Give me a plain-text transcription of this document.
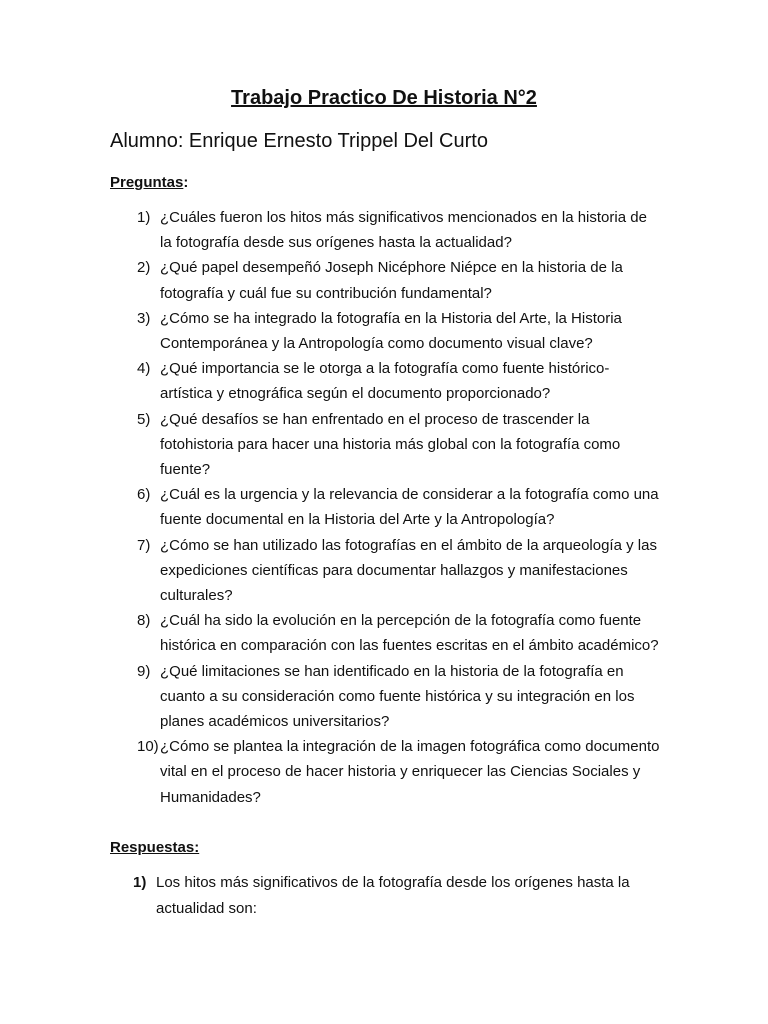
Trabajo Practico De Historia N°2
Alumno: Enrique Ernesto Trippel Del Curto
Preguntas:
1) ¿Cuáles fueron los hitos más significativos mencionados en la historia de la fotografía desde sus orígenes hasta la actualidad?
2) ¿Qué papel desempeñó Joseph Nicéphore Niépce en la historia de la fotografía y cuál fue su contribución fundamental?
3) ¿Cómo se ha integrado la fotografía en la Historia del Arte, la Historia Contemporánea y la Antropología como documento visual clave?
4) ¿Qué importancia se le otorga a la fotografía como fuente histórico-artística y etnográfica según el documento proporcionado?
5) ¿Qué desafíos se han enfrentado en el proceso de trascender la fotohistoria para hacer una historia más global con la fotografía como fuente?
6) ¿Cuál es la urgencia y la relevancia de considerar a la fotografía como una fuente documental en la Historia del Arte y la Antropología?
7) ¿Cómo se han utilizado las fotografías en el ámbito de la arqueología y las expediciones científicas para documentar hallazgos y manifestaciones culturales?
8) ¿Cuál ha sido la evolución en la percepción de la fotografía como fuente histórica en comparación con las fuentes escritas en el ámbito académico?
9) ¿Qué limitaciones se han identificado en la historia de la fotografía en cuanto a su consideración como fuente histórica y su integración en los planes académicos universitarios?
10) ¿Cómo se plantea la integración de la imagen fotográfica como documento vital en el proceso de hacer historia y enriquecer las Ciencias Sociales y Humanidades?
Respuestas:
1) Los hitos más significativos de la fotografía desde los orígenes hasta la actualidad son:
